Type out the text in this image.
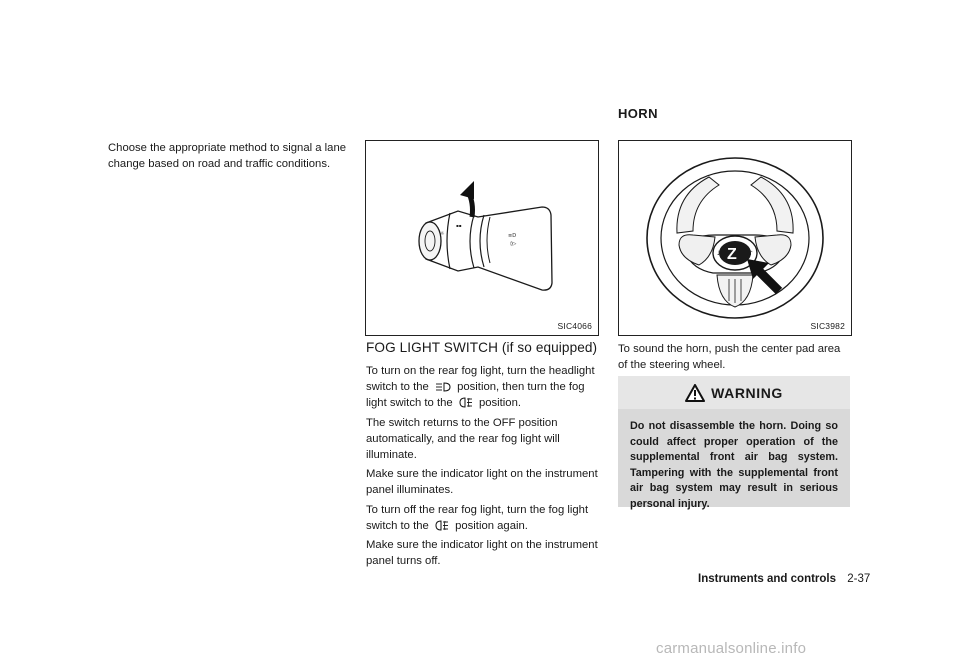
Choose the appropriate method to signal a lane change based on road and traffic conditions.

☼
▪▪
≡D
◊▷
SIC4066
FOG LIGHT SWITCH (if so equipped)

To turn on the rear fog light, turn the headlight switch to the	position, then turn the fog light switch to the position.

The switch returns to the OFF position automatically, and the rear fog light will illuminate.

Make sure the indicator light on the instrument panel illuminates.

To turn off the rear fog light, turn the fog light switch to the position again.

Make sure the indicator light on the instrument panel turns off.

HORN
Z
♪	♪
SIC3982

To sound the horn, push the center pad area of the steering wheel.

WARNING

Do not disassemble the horn. Doing so could affect proper operation of the supplemental front air bag system. Tampering with the supplemental front air bag system may result in serious personal injury.

Instruments and controls 2-37
carmanualsonline.info
